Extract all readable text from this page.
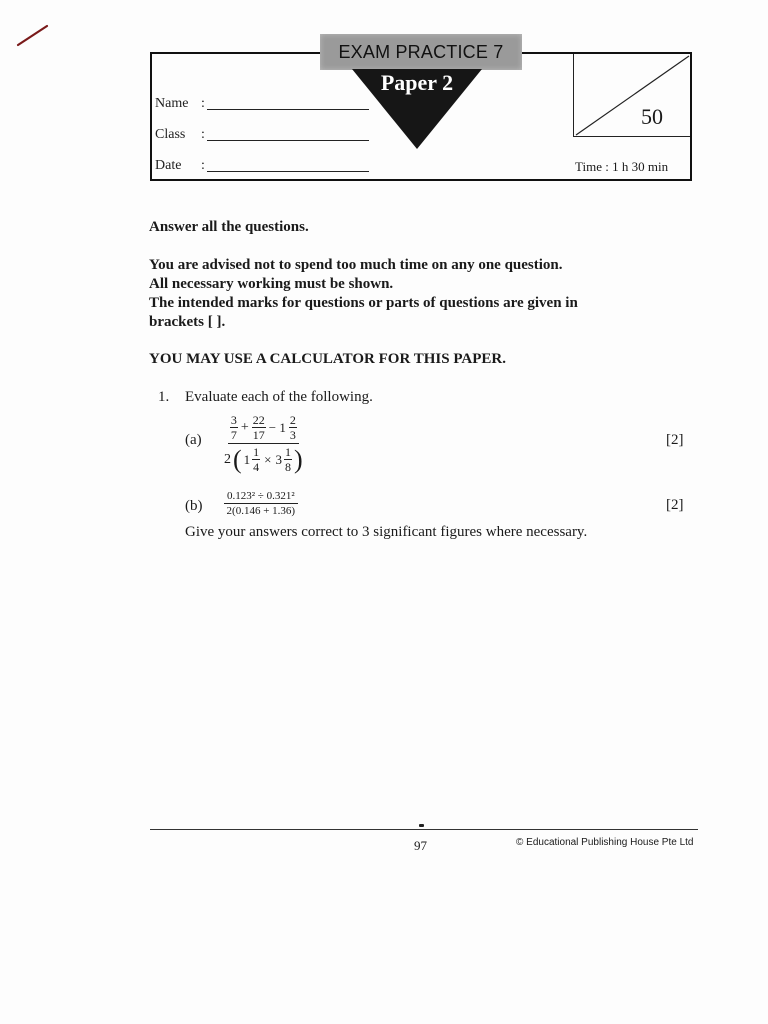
EXAM PRACTICE 7
Paper 2
Name :
Class :
Date :
50
Time : 1 h 30 min
Answer all the questions.
You are advised not to spend too much time on any one question.
All necessary working must be shown.
The intended marks for questions or parts of questions are given in
brackets [ ].
YOU MAY USE A CALCULATOR FOR THIS PAPER.
1. Evaluate each of the following.
$(a) \frac{3}{7} + \frac{22}{17} - 1 \frac{2}{3}$
2 ( $1 \frac{1}{4} \times 3 \frac{1}{8}$ )
[2]
(b)
0.123² ÷ 0.321²
2(0.146 + 1.36)	[2]
Give your answers correct to 3 significant figures where necessary.
97	© Educational Publishing House Pte Ltd
